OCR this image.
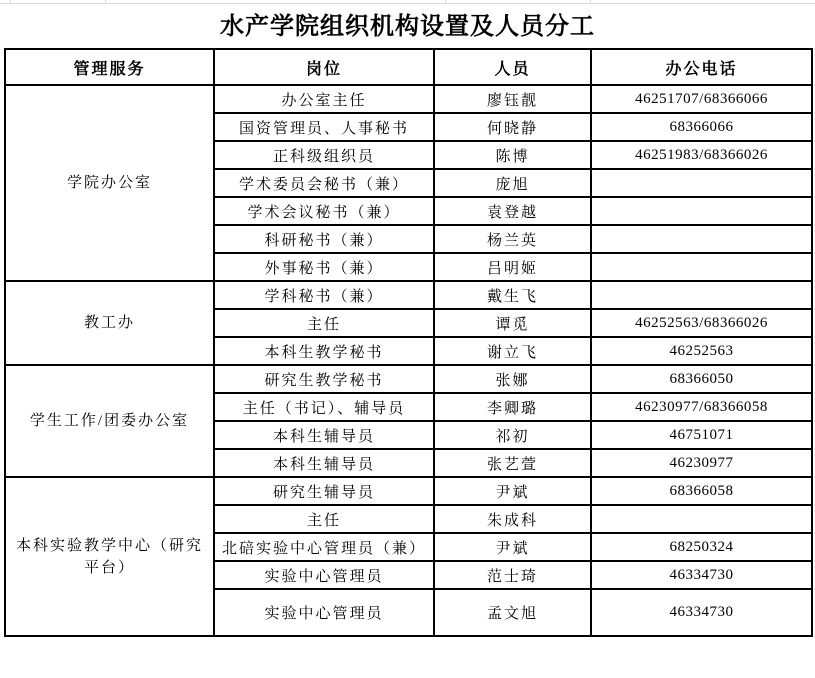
水产学院组织机构设置及人员分工
管理服务	岗位	人员	办公电话

学院办公室	办公室主任	廖钰靓	46251707/68366066
	国资管理员、人事秘书	何晓静	68366066
	正科级组织员	陈博	46251983/68366026
	学术委员会秘书（兼）	庞旭	
	学术会议秘书（兼）	袁登越	
	科研秘书（兼）	杨兰英	
	外事秘书（兼）	吕明姬	

教工办	学科秘书（兼）	戴生飞	
	主任	谭觅	46252563/68366026
	本科生教学秘书	谢立飞	46252563

学生工作/团委办公室	研究生教学秘书	张娜	68366050
	主任（书记）、辅导员	李卿璐	46230977/68366058
	本科生辅导员	祁初	46751071
	本科生辅导员	张艺萱	46230977

本科实验教学中心（研究平台）	研究生辅导员	尹斌	68366058
	主任	朱成科	
	北碚实验中心管理员（兼）	尹斌	68250324
	实验中心管理员	范士琦	46334730
	实验中心管理员	孟文旭	46334730
